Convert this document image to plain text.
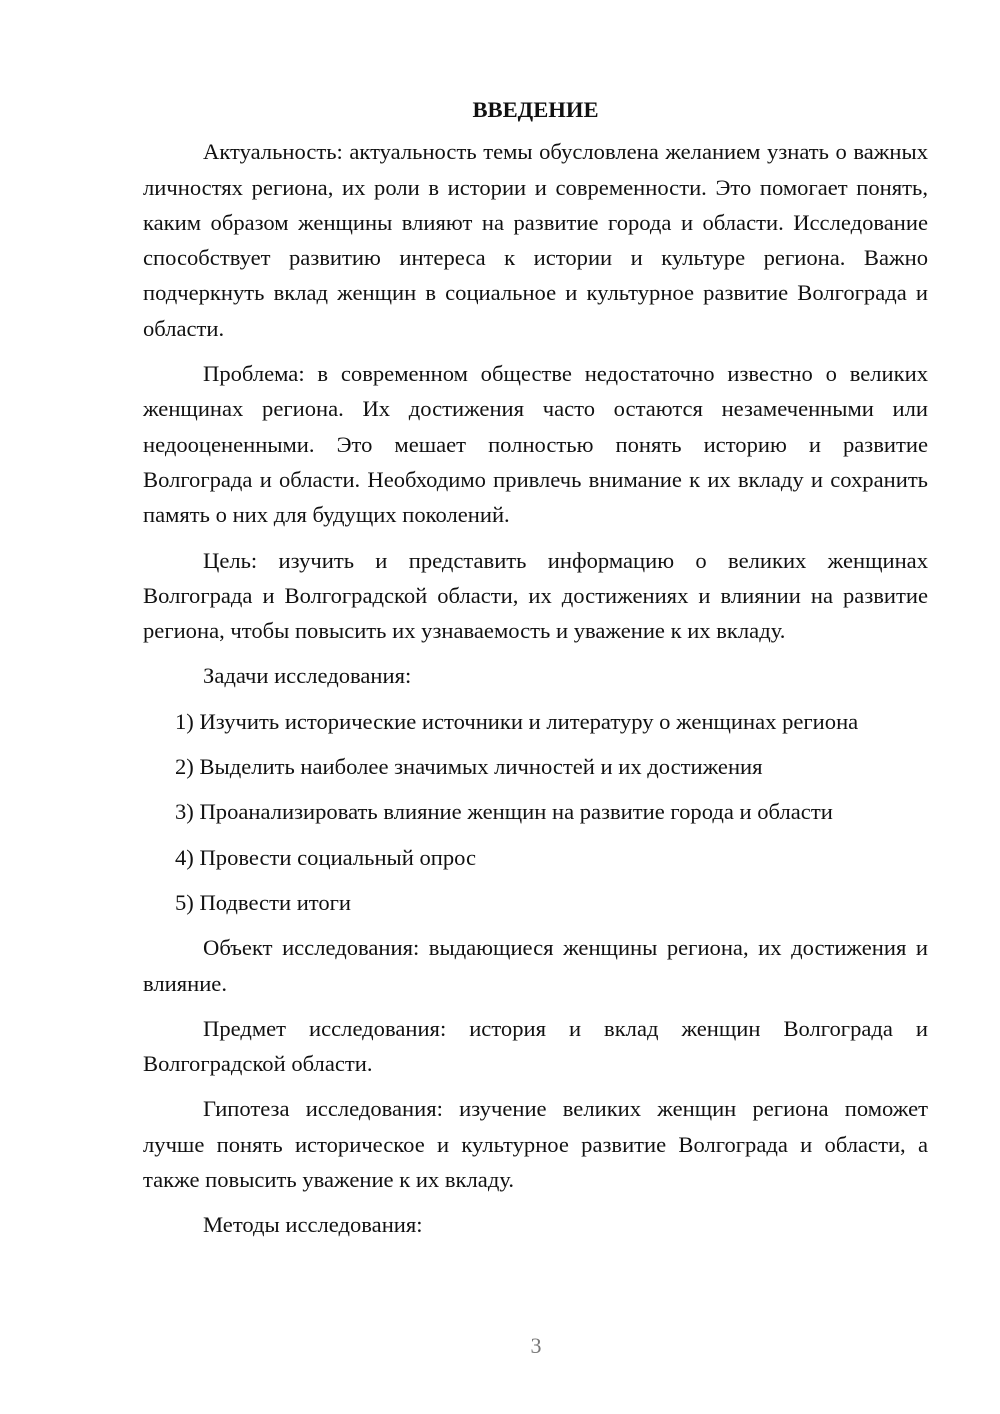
ВВЕДЕНИЕ

Актуальность: актуальность темы обусловлена желанием узнать о важных личностях региона, их роли в истории и современности. Это помогает понять, каким образом женщины влияют на развитие города и области. Исследование способствует развитию интереса к истории и культуре региона. Важно подчеркнуть вклад женщин в социальное и культурное развитие Волгограда и области.

Проблема: в современном обществе недостаточно известно о великих женщинах региона. Их достижения часто остаются незамеченными или недооцененными. Это мешает полностью понять историю и развитие Волгограда и области. Необходимо привлечь внимание к их вкладу и сохранить память о них для будущих поколений.

Цель: изучить и представить информацию о великих женщинах Волгограда и Волгоградской области, их достижениях и влиянии на развитие региона, чтобы повысить их узнаваемость и уважение к их вкладу.

Задачи исследования:

1) Изучить исторические источники и литературу о женщинах региона

2) Выделить наиболее значимых личностей и их достижения

3) Проанализировать влияние женщин на развитие города и области

4) Провести социальный опрос

5) Подвести итоги

Объект исследования: выдающиеся женщины региона, их достижения и влияние.

Предмет исследования: история и вклад женщин Волгограда и Волгоградской области.

Гипотеза исследования: изучение великих женщин региона поможет лучше понять историческое и культурное развитие Волгограда и области, а также повысить уважение к их вкладу.

Методы исследования:

3
